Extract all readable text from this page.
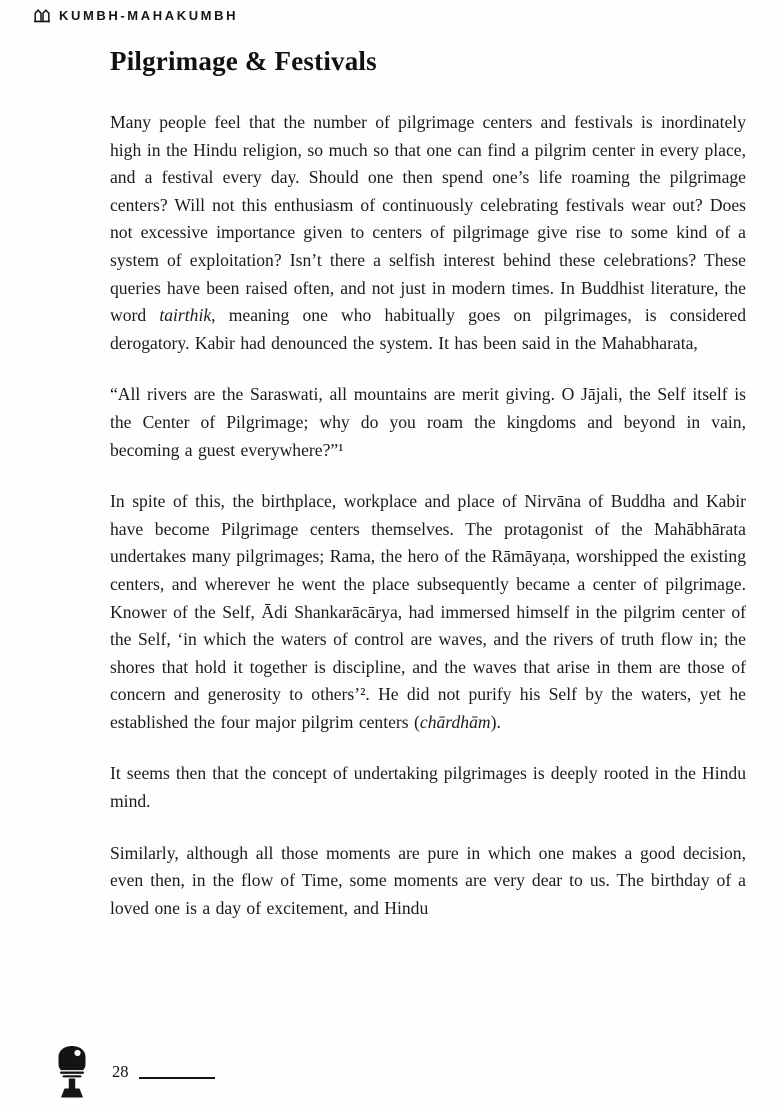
KUMBH-MAHAKUMBH
Pilgrimage & Festivals

Many people feel that the number of pilgrimage centers and festivals is inordinately high in the Hindu religion, so much so that one can find a pilgrim center in every place, and a festival every day. Should one then spend one’s life roaming the pilgrimage centers? Will not this enthusiasm of continuously celebrating festivals wear out? Does not excessive importance given to centers of pilgrimage give rise to some kind of a system of exploitation? Isn’t there a selfish interest behind these celebrations? These queries have been raised often, and not just in modern times. In Buddhist literature, the word tairthik, meaning one who habitually goes on pilgrimages, is considered derogatory. Kabir had denounced the system. It has been said in the Mahabharata,

“All rivers are the Saraswati, all mountains are merit giving. O Jājali, the Self itself is the Center of Pilgrimage; why do you roam the kingdoms and beyond in vain, becoming a guest everywhere?”¹

In spite of this, the birthplace, workplace and place of Nirvāna of Buddha and Kabir have become Pilgrimage centers themselves. The protagonist of the Mahābhārata undertakes many pilgrimages; Rama, the hero of the Rāmāyaṇa, worshipped the existing centers, and wherever he went the place subsequently became a center of pilgrimage. Knower of the Self, Ādi Shankarācārya, had immersed himself in the pilgrim center of the Self, ‘in which the waters of control are waves, and the rivers of truth flow in; the shores that hold it together is discipline, and the waves that arise in them are those of concern and generosity to others’². He did not purify his Self by the waters, yet he established the four major pilgrim centers (chārdhām).

It seems then that the concept of undertaking pilgrimages is deeply rooted in the Hindu mind.

Similarly, although all those moments are pure in which one makes a good decision, even then, in the flow of Time, some moments are very dear to us. The birthday of a loved one is a day of excitement, and Hindu

28
